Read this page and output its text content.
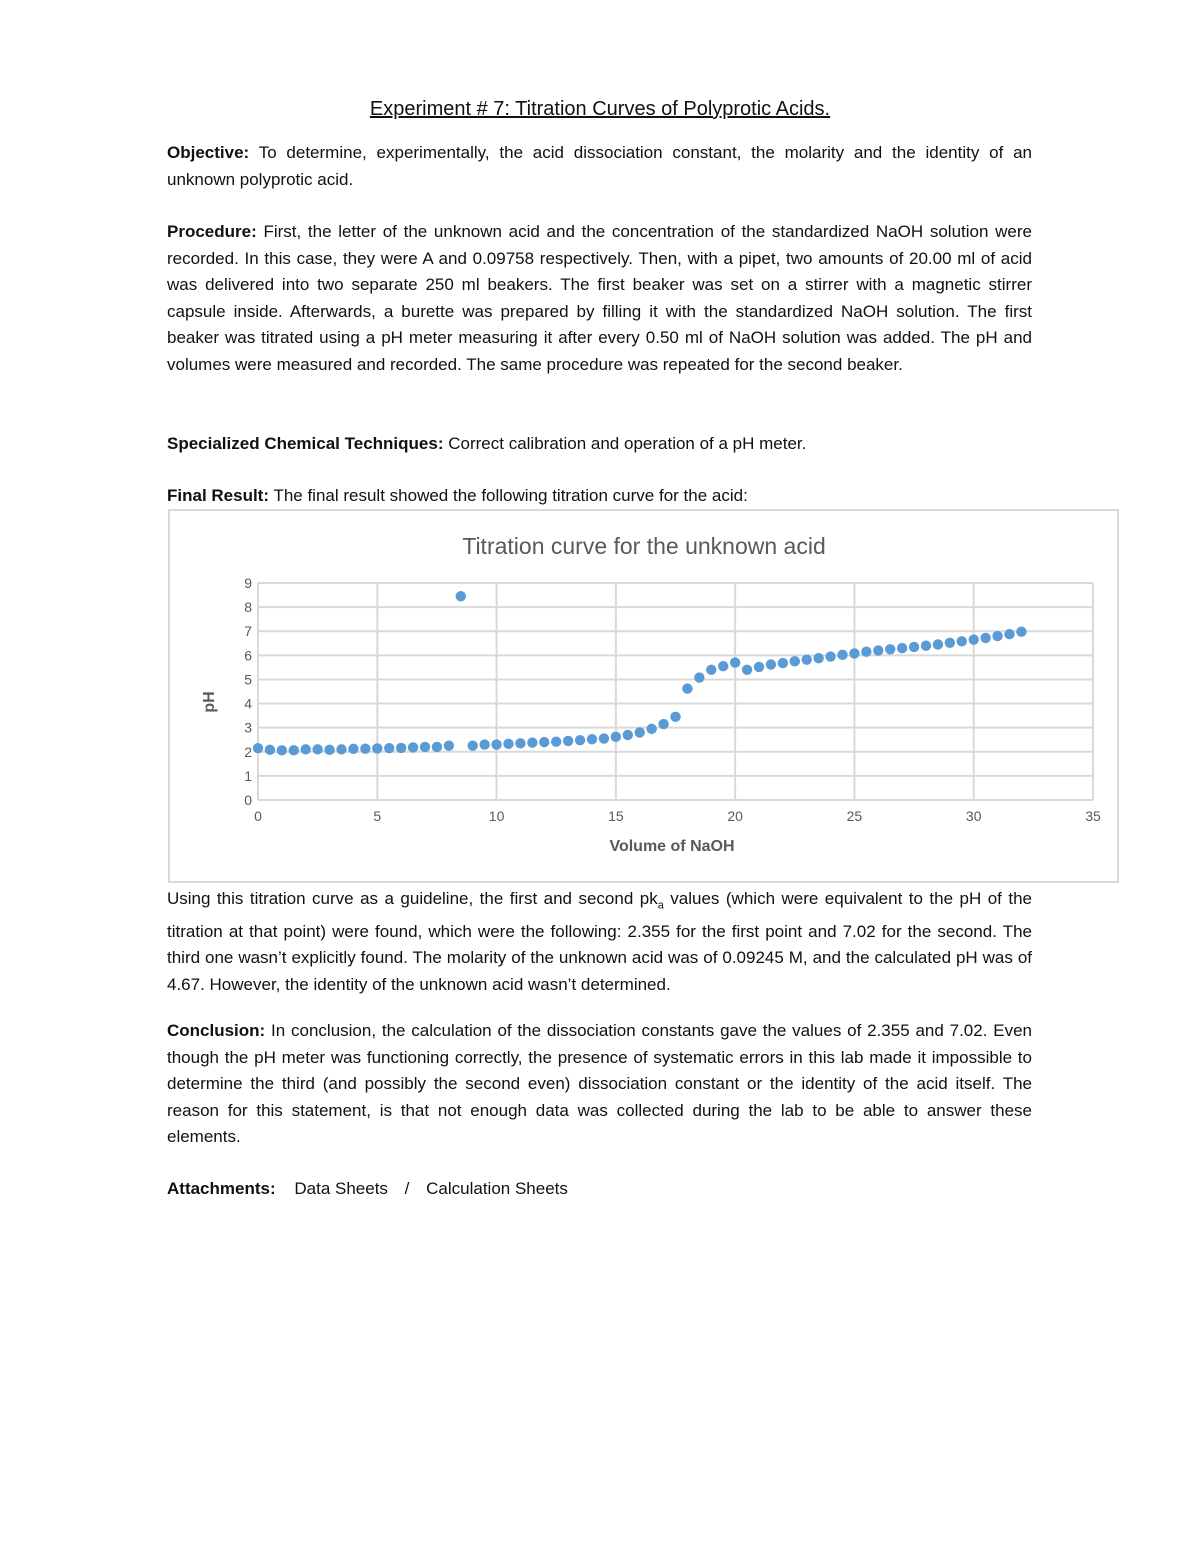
Experiment # 7: Titration Curves of Polyprotic Acids.

Objective: To determine, experimentally, the acid dissociation constant, the molarity and the identity of an unknown polyprotic acid.

Procedure: First, the letter of the unknown acid and the concentration of the standardized NaOH solution were recorded. In this case, they were A and 0.09758 respectively. Then, with a pipet, two amounts of 20.00 ml of acid was delivered into two separate 250 ml beakers. The first beaker was set on a stirrer with a magnetic stirrer capsule inside. Afterwards, a burette was prepared by filling it with the standardized NaOH solution. The first beaker was titrated using a pH meter measuring it after every 0.50 ml of NaOH solution was added. The pH and volumes were measured and recorded. The same procedure was repeated for the second beaker.

Specialized Chemical Techniques: Correct calibration and operation of a pH meter.

Final Result: The final result showed the following titration curve for the acid:

0
1
2
3
4
5
6
7
8
9
0	5	10	15	20	25	30	35
Titration curve for the unknown acid
Volume of NaOH
pH

Using this titration curve as a guideline, the first and second $pk_a$ values (which were equivalent to the pH of the titration at that point) were found, which were the following: 2.355 for the first point and 7.02 for the second. The third one wasn’t explicitly found. The molarity of the unknown acid was of 0.09245 M, and the calculated pH was of 4.67. However, the identity of the unknown acid wasn’t determined.

Conclusion: In conclusion, the calculation of the dissociation constants gave the values of 2.355 and 7.02. Even though the pH meter was functioning correctly, the presence of systematic errors in this lab made it impossible to determine the third (and possibly the second even) dissociation constant or the identity of the acid itself. The reason for this statement, is that not enough data was collected during the lab to be able to answer these elements.

Attachments: Data Sheets / Calculation Sheets
